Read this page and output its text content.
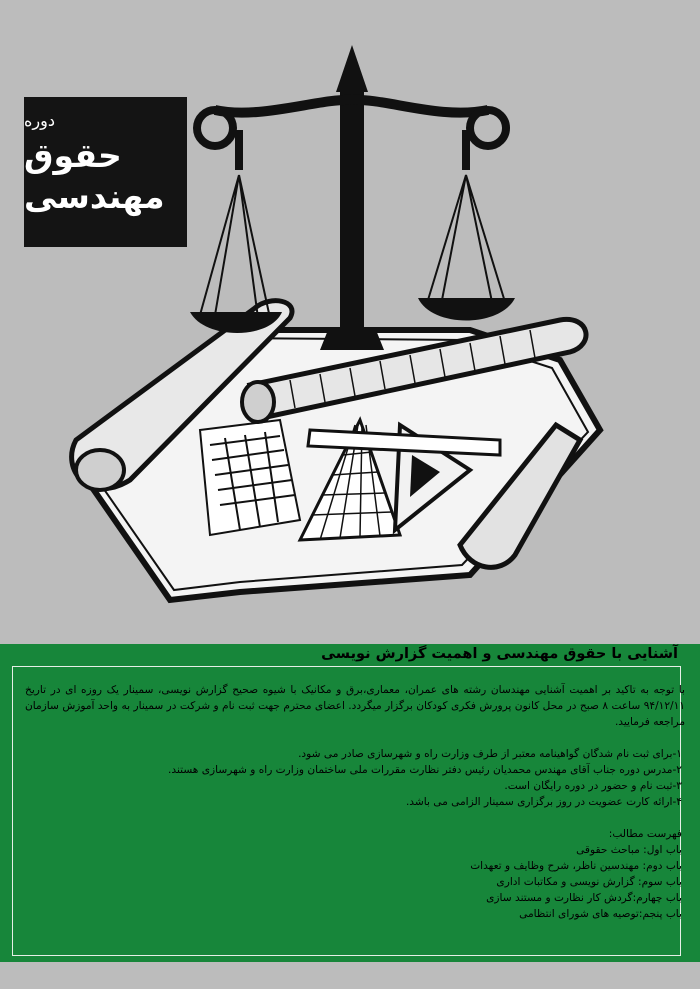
دوره
حقوق
مهندسی
آشنایی با حقوق مهندسی و اهمیت گزارش نویسی
با توجه به تاکید بر اهمیت آشنایی مهندسان رشته های عمران، معماری،برق و مکانیک با شیوه صحیح گزارش نویسی، سمینار یک روزه ای در تاریخ ۹۴/۱۲/۱۱ ساعت ۸ صبح در محل کانون پرورش فکری کودکان برگزار میگردد. اعضای محترم جهت ثبت نام و شرکت در سمینار به واحد آموزش سازمان مراجعه فرمایید.
۱-برای ثبت نام شدگان گواهینامه معتبر از طرف وزارت راه و شهرسازی صادر می شود.
۲-مدرس دوره جناب آقای مهندس محمدیان رئیس دفتر نظارت مقررات ملی ساختمان وزارت راه و شهرسازی هستند.
۳-ثبت نام و حضور در دوره رایگان است.
۴-ارائه کارت عضویت در روز برگزاری سمینار الزامی می باشد.
فهرست مطالب:
باب اول: مباحث حقوقی
باب دوم: مهندسین ناظر، شرح وظایف و تعهدات
باب سوم: گزارش نویسی و مکاتبات اداری
باب چهارم:گردش کار نظارت و مستند سازی
باب پنجم:توصیه های شورای انتظامی
